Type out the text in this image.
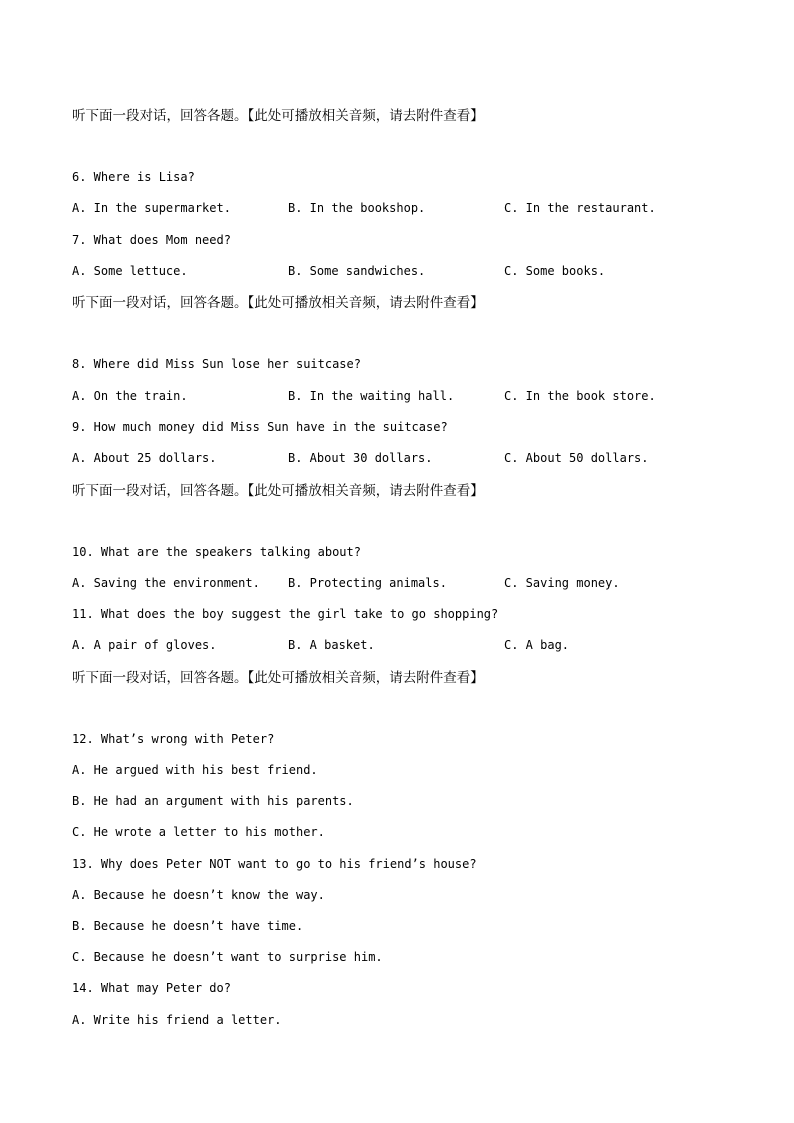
听下面一段对话，回答各题。【此处可播放相关音频，请去附件查看】
6. Where is Lisa?
A. In the supermarket.	B. In the bookshop.	C. In the restaurant.
7. What does Mom need?
A. Some lettuce.	B. Some sandwiches.	C. Some books.
听下面一段对话，回答各题。【此处可播放相关音频，请去附件查看】
8. Where did Miss Sun lose her suitcase?
A. On the train.	B. In the waiting hall.	C. In the book store.
9. How much money did Miss Sun have in the suitcase?
A. About 25 dollars.	B. About 30 dollars.	C. About 50 dollars.
听下面一段对话，回答各题。【此处可播放相关音频，请去附件查看】
10. What are the speakers talking about?
A. Saving the environment. B. Protecting animals.	C. Saving money.
11. What does the boy suggest the girl take to go shopping?
A. A pair of gloves.	B. A basket.	C. A bag.
听下面一段对话，回答各题。【此处可播放相关音频，请去附件查看】
12. What’s wrong with Peter?
A. He argued with his best friend.
B. He had an argument with his parents.
C. He wrote a letter to his mother.
13. Why does Peter NOT want to go to his friend’s house?
A. Because he doesn’t know the way.
B. Because he doesn’t have time.
C. Because he doesn’t want to surprise him.
14. What may Peter do?
A. Write his friend a letter.
